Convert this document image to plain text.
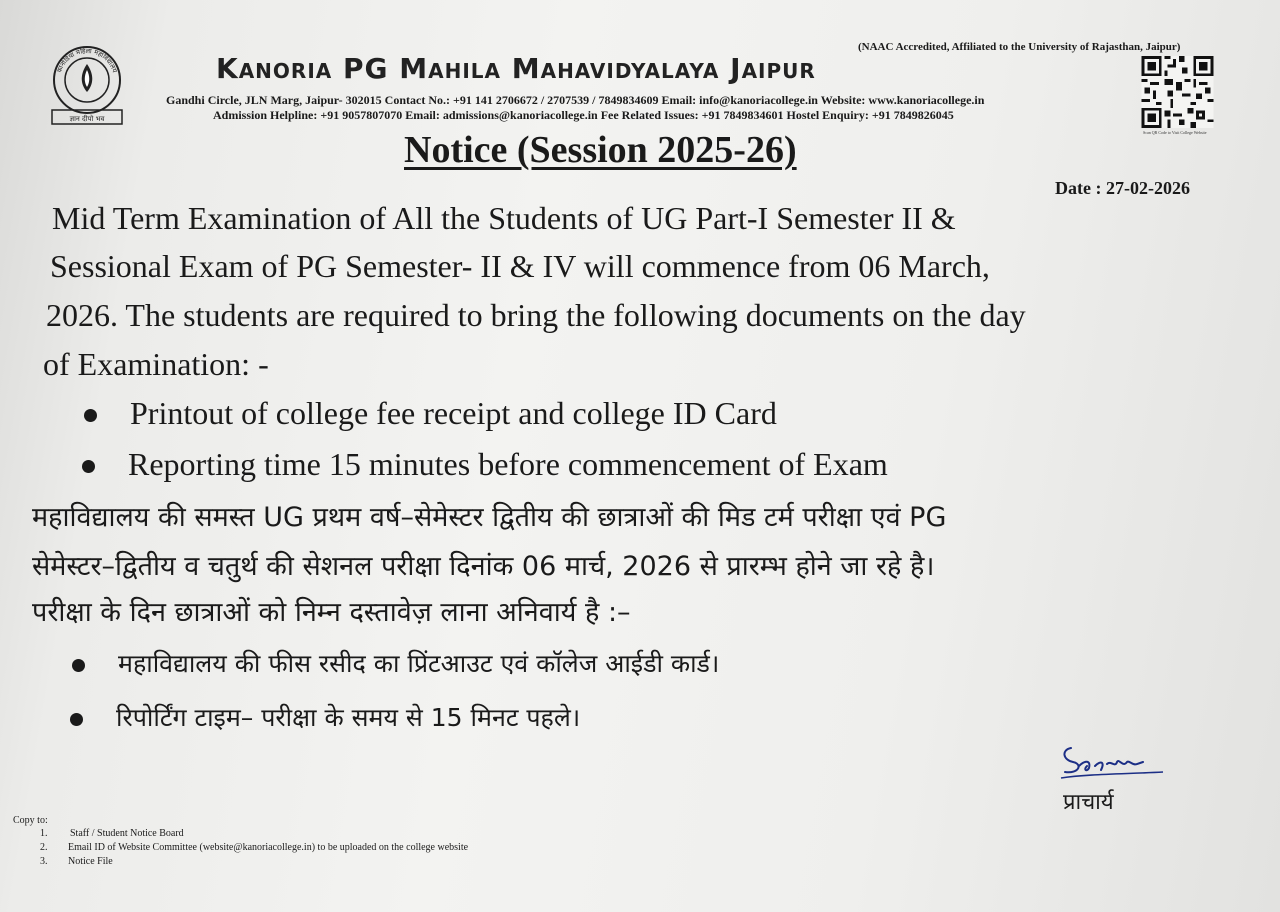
ज्ञान दीपो भव
कानोडिया महिला महाविद्यालय
(NAAC Accredited, Affiliated to the University of Rajasthan, Jaipur)
Kanoria PG Mahila Mahavidyalaya Jaipur
Gandhi Circle, JLN Marg, Jaipur- 302015 Contact No.: +91 141 2706672 / 2707539 / 7849834609 Email: info@kanoriacollege.in Website: www.kanoriacollege.in
Admission Helpline: +91 9057807070 Email: admissions@kanoriacollege.in Fee Related Issues: +91 7849834601 Hostel Enquiry: +91 7849826045
Scan QR Code to Visit College Website
Notice (Session 2025-26)
Date : 27-02-2026
Mid Term Examination of All the Students of UG Part-I Semester II &
Sessional Exam of PG Semester- II & IV will commence from 06 March,
2026. The students are required to bring the following documents on the day
of Examination: -
Printout of college fee receipt and college ID Card
Reporting time 15 minutes before commencement of Exam
महाविद्यालय की समस्त UG प्रथम वर्ष–सेमेस्टर द्वितीय की छात्राओं की मिड टर्म परीक्षा एवं PG
सेमेस्टर–द्वितीय व चतुर्थ की सेशनल परीक्षा दिनांक 06 मार्च, 2026 से प्रारम्भ होने जा रहे है।
परीक्षा के दिन छात्राओं को निम्न दस्तावेज़ लाना अनिवार्य है :–
महाविद्यालय की फीस रसीद का प्रिंटआउट एवं कॉलेज आईडी कार्ड।
रिपोर्टिंग टाइम– परीक्षा के समय से 15 मिनट पहले।
प्राचार्य
Copy to:
1. Staff / Student Notice Board
2. Email ID of Website Committee (website@kanoriacollege.in) to be uploaded on the college website
3. Notice File
